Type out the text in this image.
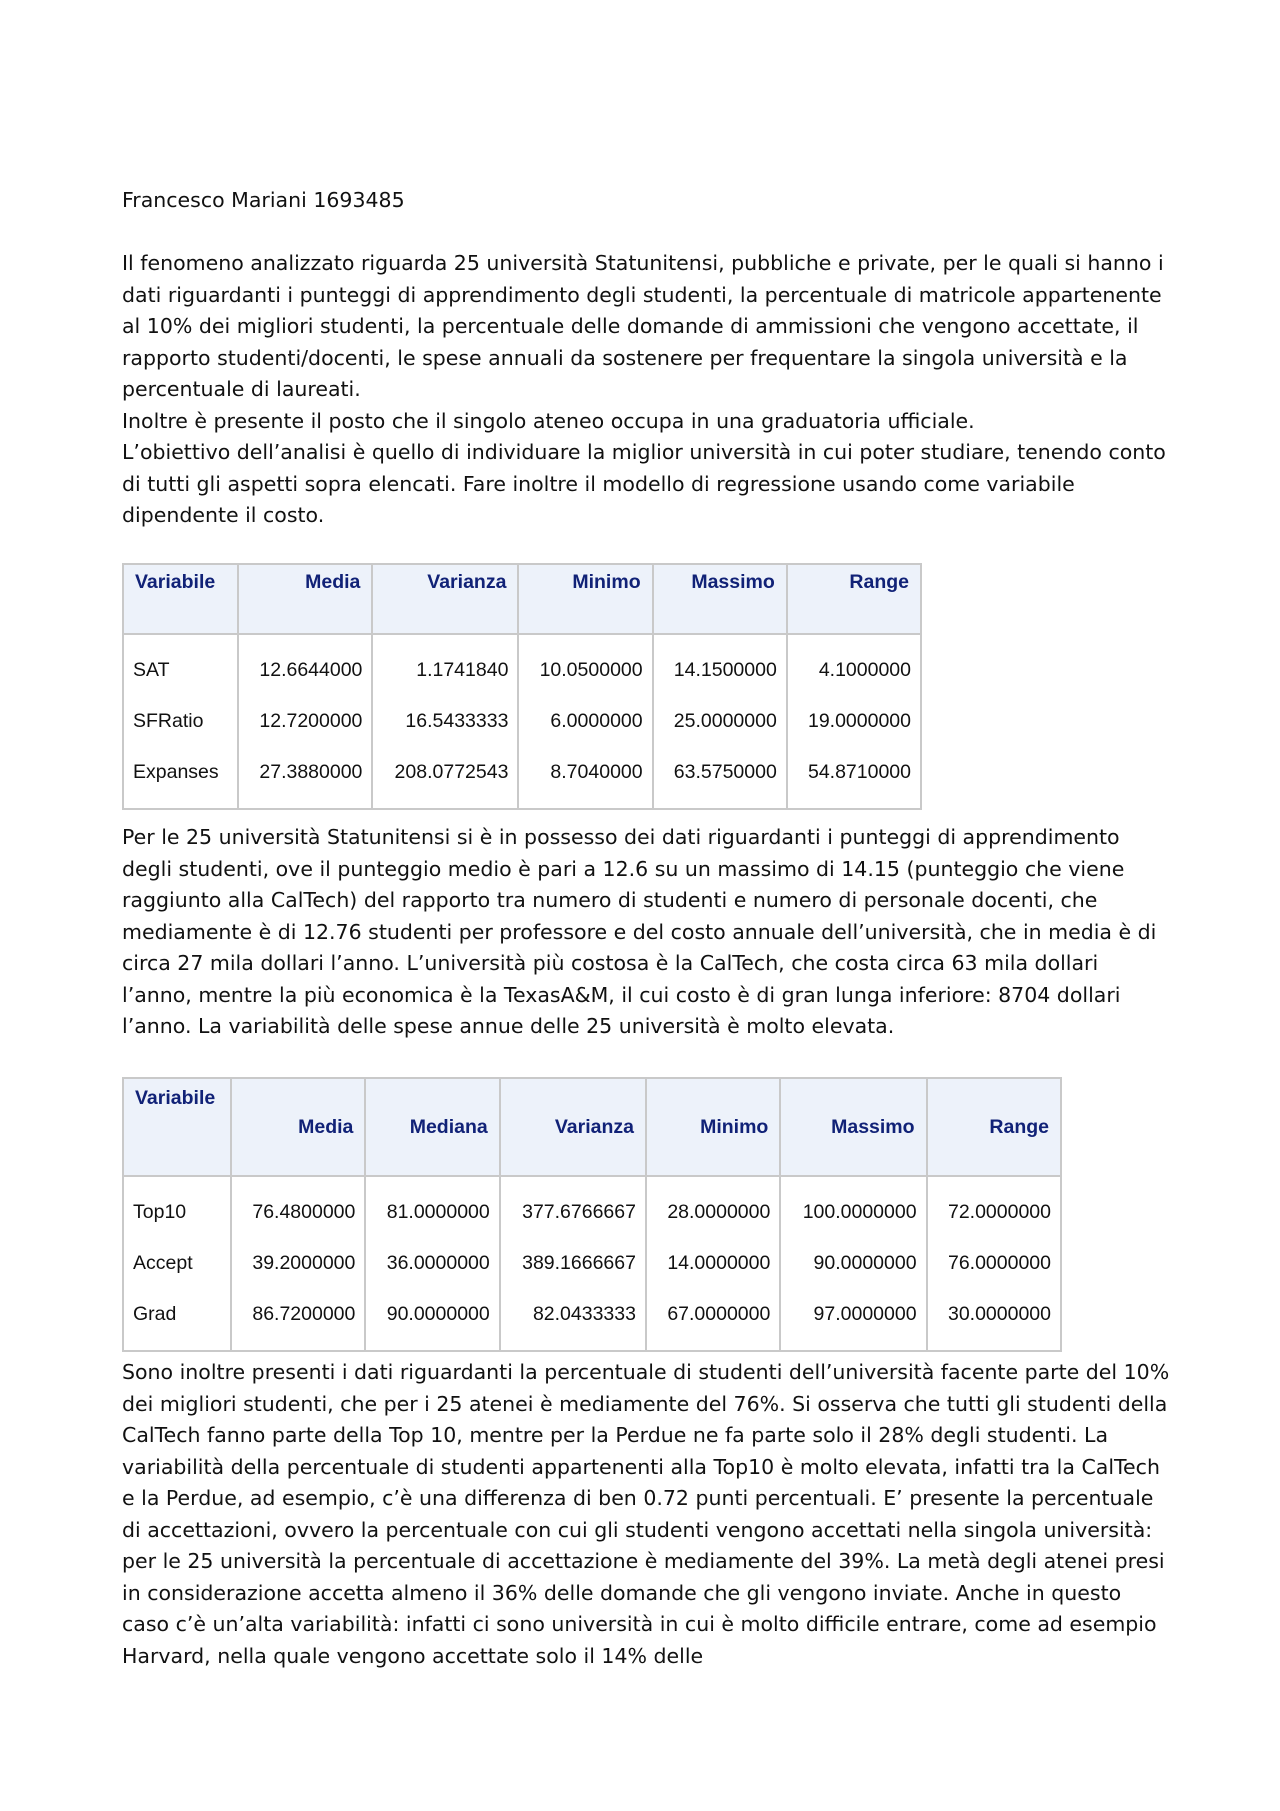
Francesco Mariani 1693485

Il fenomeno analizzato riguarda 25 università Statunitensi, pubbliche e private, per le quali si hanno i dati riguardanti i punteggi di apprendimento degli studenti, la percentuale di matricole appartenente al 10% dei migliori studenti, la percentuale delle domande di ammissioni che vengono accettate, il rapporto studenti/docenti, le spese annuali da sostenere per frequentare la singola università e la percentuale di laureati.

Inoltre è presente il posto che il singolo ateneo occupa in una graduatoria ufficiale.

L’obiettivo dell’analisi è quello di individuare la miglior università in cui poter studiare, tenendo conto di tutti gli aspetti sopra elencati. Fare inoltre il modello di regressione usando come variabile dipendente il costo.

Variabile	Media	Varianza	Minimo	Massimo	Range
SAT	12.6644000	1.1741840	10.0500000	14.1500000	4.1000000
SFRatio	12.7200000	16.5433333	6.0000000	25.0000000	19.0000000
Expanses	27.3880000	208.0772543	8.7040000	63.5750000	54.8710000

Per le 25 università Statunitensi si è in possesso dei dati riguardanti i punteggi di apprendimento degli studenti, ove il punteggio medio è pari a 12.6 su un massimo di 14.15 (punteggio che viene raggiunto alla CalTech) del rapporto tra numero di studenti e numero di personale docenti, che mediamente è di 12.76 studenti per professore e del costo annuale dell’università, che in media è di circa 27 mila dollari l’anno. L’università più costosa è la CalTech, che costa circa 63 mila dollari l’anno, mentre la più economica è la TexasA&M, il cui costo è di gran lunga inferiore: 8704 dollari l’anno. La variabilità delle spese annue delle 25 università è molto elevata.

Variabile	Media	Mediana	Varianza	Minimo	Massimo	Range
Top10	76.4800000	81.0000000	377.6766667	28.0000000	100.0000000	72.0000000
Accept	39.2000000	36.0000000	389.1666667	14.0000000	90.0000000	76.0000000
Grad	86.7200000	90.0000000	82.0433333	67.0000000	97.0000000	30.0000000

Sono inoltre presenti i dati riguardanti la percentuale di studenti dell’università facente parte del 10% dei migliori studenti, che per i 25 atenei è mediamente del 76%. Si osserva che tutti gli studenti della CalTech fanno parte della Top 10, mentre per la Perdue ne fa parte solo il 28% degli studenti. La variabilità della percentuale di studenti appartenenti alla Top10 è molto elevata, infatti tra la CalTech e la Perdue, ad esempio, c’è una differenza di ben 0.72 punti percentuali. E’ presente la percentuale di accettazioni, ovvero la percentuale con cui gli studenti vengono accettati nella singola università: per le 25 università la percentuale di accettazione è mediamente del 39%. La metà degli atenei presi in considerazione accetta almeno il 36% delle domande che gli vengono inviate. Anche in questo caso c’è un’alta variabilità: infatti ci sono università in cui è molto difficile entrare, come ad esempio Harvard, nella quale vengono accettate solo il 14% delle
